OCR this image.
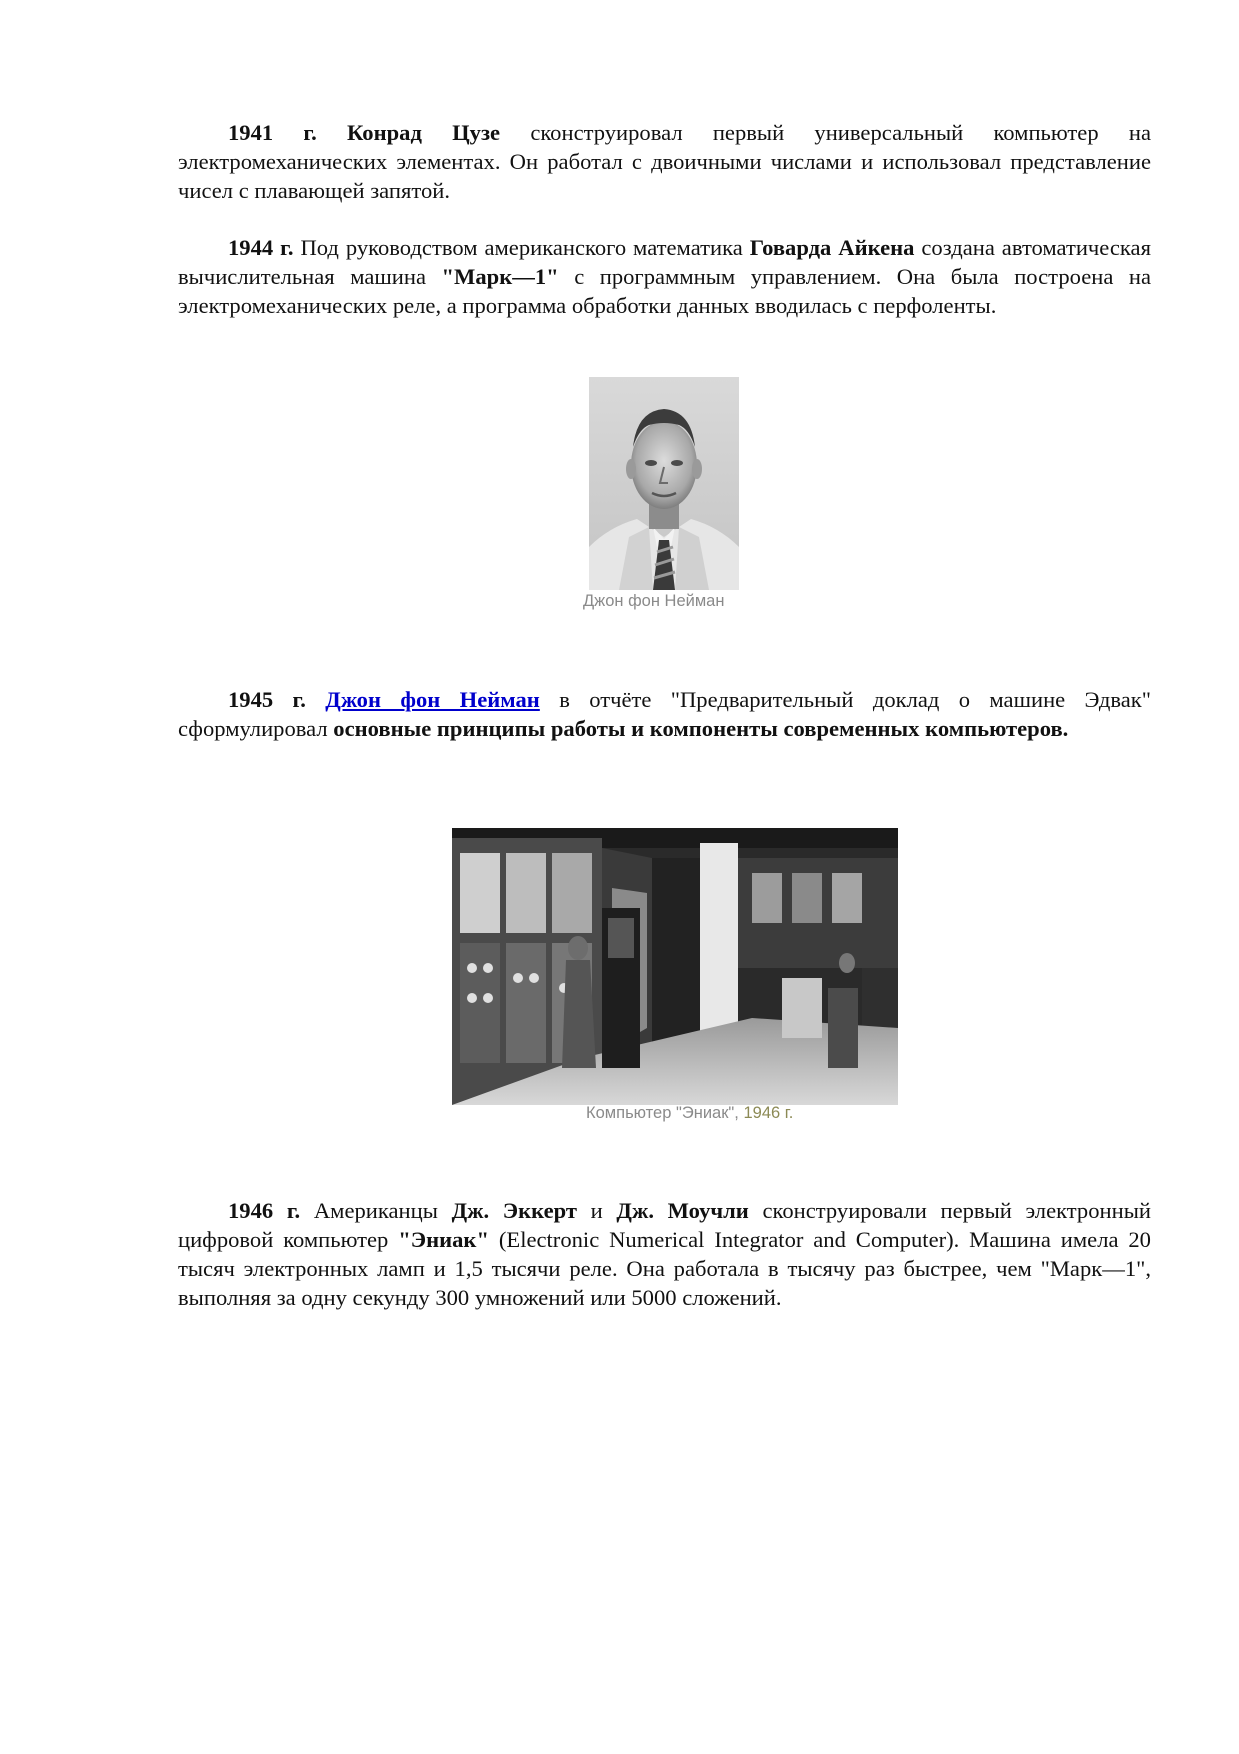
1941 г. Конрад Цузе сконструировал первый универсальный компьютер на электромеханических элементах. Он работал с двоичными числами и использовал представление чисел с плавающей запятой.

1944 г. Под руководством американского математика Говарда Айкена создана автоматическая вычислительная машина "Марк—1" с программным управлением. Она была построена на электромеханических реле, а программа обработки данных вводилась с перфоленты.

Джон фон Нейман

1945 г. Джон фон Нейман в отчёте "Предварительный доклад о машине Эдвак" сформулировал основные принципы работы и компоненты современных компьютеров.

Компьютер "Эниак", 1946 г.

1946 г. Американцы Дж. Эккерт и Дж. Моучли сконструировали первый электронный цифровой компьютер "Эниак" (Electronic Numerical Integrator and Computer). Машина имела 20 тысяч электронных ламп и 1,5 тысячи реле. Она работала в тысячу раз быстрее, чем "Марк—1", выполняя за одну секунду 300 умножений или 5000 сложений.
